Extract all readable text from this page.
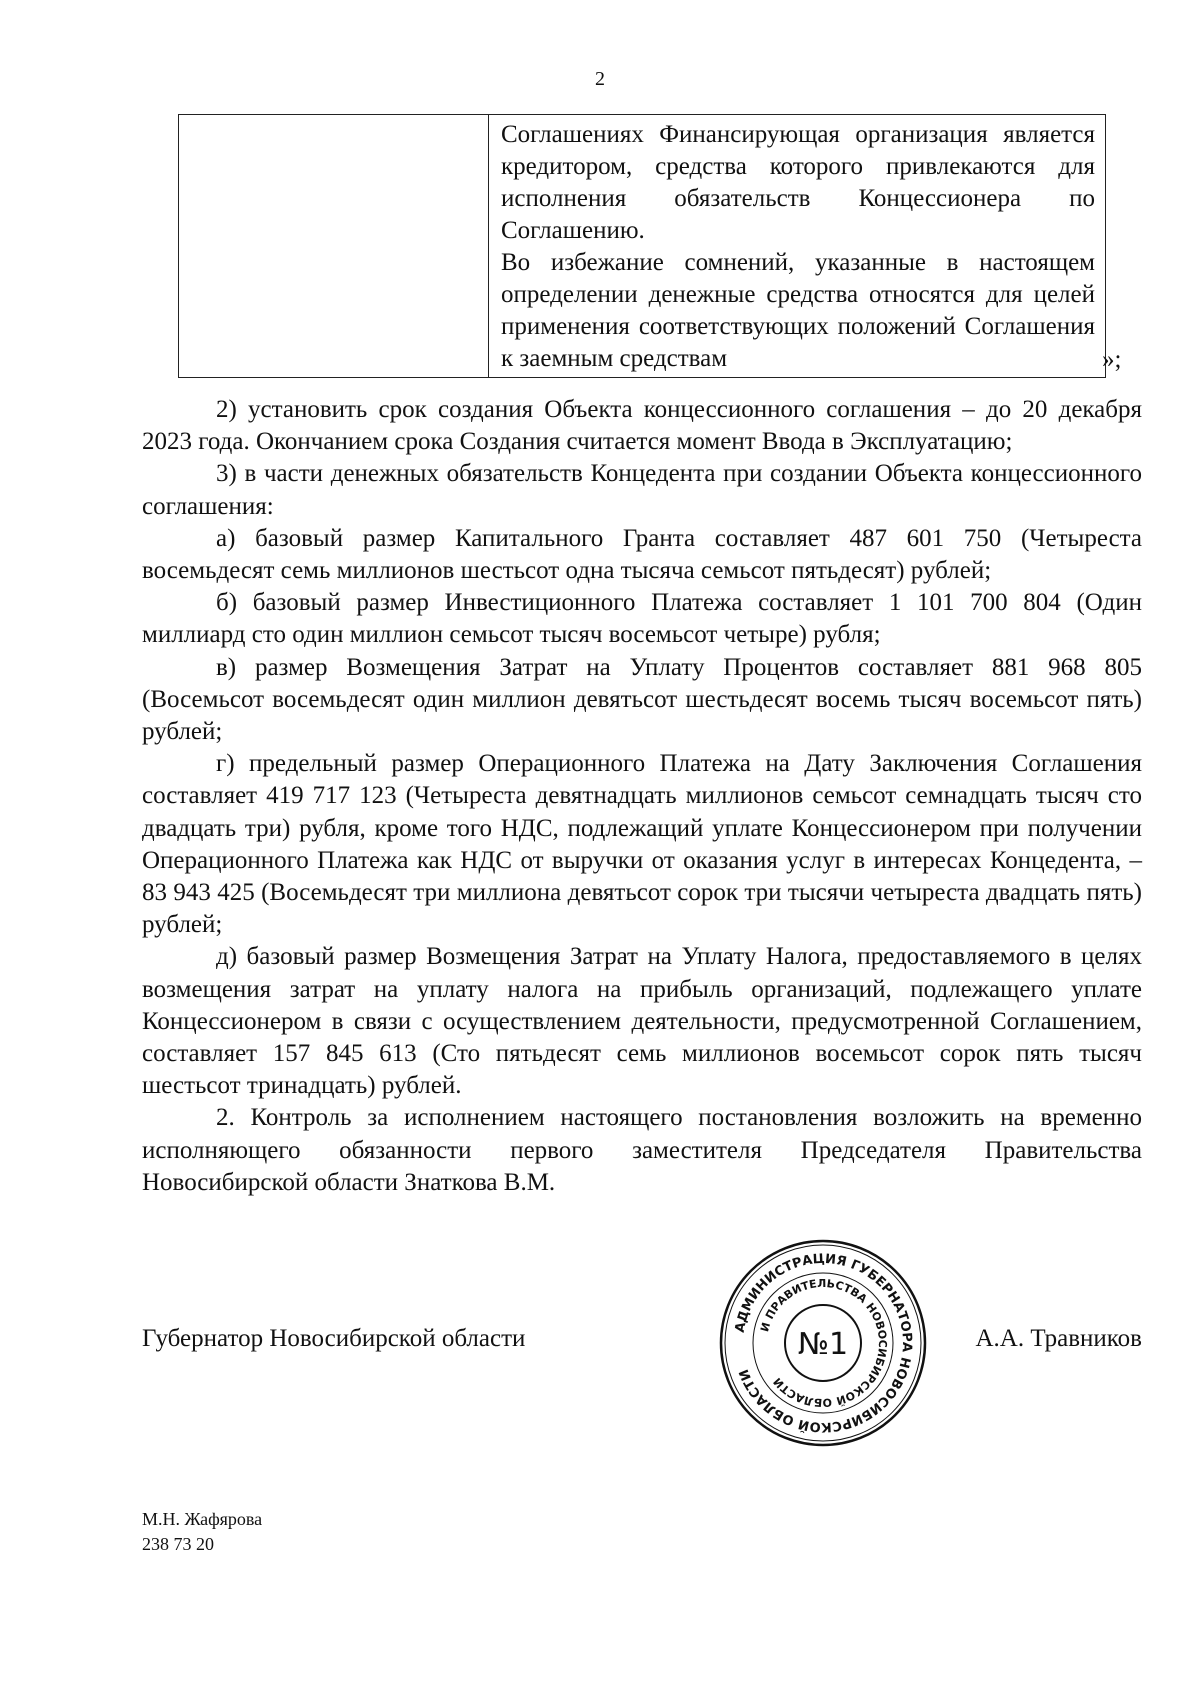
2

Соглашениях Финансирующая организация является кредитором, средства которого привлекаются для исполнения обязательств Концессионера по Соглашению.

Во избежание сомнений, указанные в настоящем определении денежные средства относятся для целей применения соответствующих положений Соглашения к заемным средствам	»;

2) установить срок создания Объекта концессионного соглашения – до 20 декабря 2023 года. Окончанием срока Создания считается момент Ввода в Эксплуатацию;

3) в части денежных обязательств Концедента при создании Объекта концессионного соглашения:

а) базовый размер Капитального Гранта составляет 487 601 750 (Четыреста восемьдесят семь миллионов шестьсот одна тысяча семьсот пятьдесят) рублей;

б) базовый размер Инвестиционного Платежа составляет 1 101 700 804 (Один миллиард сто один миллион семьсот тысяч восемьсот четыре) рубля;

в) размер Возмещения Затрат на Уплату Процентов составляет 881 968 805 (Восемьсот восемьдесят один миллион девятьсот шестьдесят восемь тысяч восемьсот пять) рублей;

г) предельный размер Операционного Платежа на Дату Заключения Соглашения составляет 419 717 123 (Четыреста девятнадцать миллионов семьсот семнадцать тысяч сто двадцать три) рубля, кроме того НДС, подлежащий уплате Концессионером при получении Операционного Платежа как НДС от выручки от оказания услуг в интересах Концедента, – 83 943 425 (Восемьдесят три миллиона девятьсот сорок три тысячи четыреста двадцать пять) рублей;

д) базовый размер Возмещения Затрат на Уплату Налога, предоставляемого в целях возмещения затрат на уплату налога на прибыль организаций, подлежащего уплате Концессионером в связи с осуществлением деятельности, предусмотренной Соглашением, составляет 157 845 613 (Сто пятьдесят семь миллионов восемьсот сорок пять тысяч шестьсот тринадцать) рублей.

2. Контроль за исполнением настоящего постановления возложить на временно исполняющего обязанности первого заместителя Председателя Правительства Новосибирской области Знаткова В.М.

Губернатор Новосибирской области	А.А. Травников
АДМИНИСТРАЦИЯ ГУБЕРНАТОРА НОВОСИБИРСКОЙ ОБЛАСТИ
И ПРАВИТЕЛЬСТВА НОВОСИБИРСКОЙ ОБЛАСТИ
№1
М.Н. Жафярова
238 73 20
